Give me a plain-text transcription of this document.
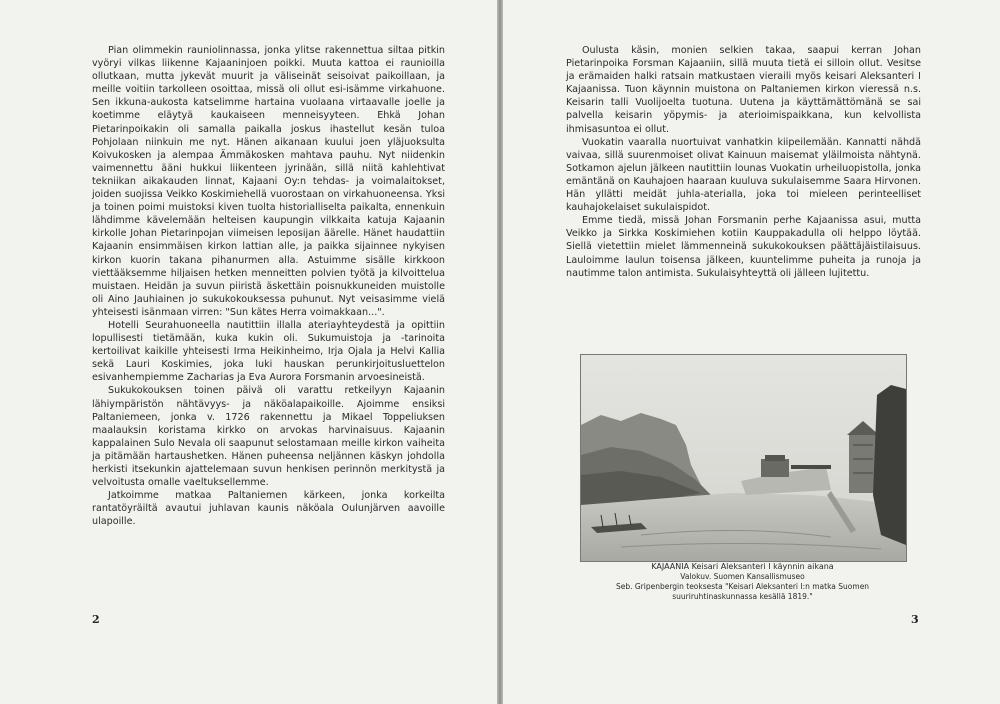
Pian olimmekin rauniolinnassa, jonka ylitse rakennettua siltaa pitkin vyöryi vilkas liikenne Kajaaninjoen poikki. Muuta kattoa ei raunioilla ollutkaan, mutta jykevät muurit ja väliseinät seisoivat paikoillaan, ja meille voitiin tarkolleen osoittaa, missä oli ollut esi-isämme virkahuone. Sen ikkuna-aukosta katselimme hartaina vuolaana virtaavalle joelle ja koetimme eläytyä kaukaiseen menneisyyteen. Ehkä Johan Pietarinpoikakin oli samalla paikalla joskus ihastellut kesän tuloa Pohjolaan niinkuin me nyt. Hänen aikanaan kuului joen yläjuoksulta Koivukosken ja alempaa Ämmäkosken mahtava pauhu. Nyt niidenkin vaimennettu ääni hukkui liikenteen jyrinään, sillä niitä kahlehtivat tekniikan aikakauden linnat, Kajaani Oy:n tehdas- ja voimalaitokset, joiden suojissa Veikko Koskimiehellä vuorostaan on virkahuoneensa. Yksi ja toinen poimi muistoksi kiven tuolta historialliselta paikalta, ennenkuin lähdimme kävelemään helteisen kaupungin vilkkaita katuja Kajaanin kirkolle Johan Pietarinpojan viimeisen leposijan äärelle. Hänet haudattiin Kajaanin ensimmäisen kirkon lattian alle, ja paikka sijainnee nykyisen kirkon kuorin takana pihanurmen alla. Astuimme sisälle kirkkoon viettääksemme hiljaisen hetken menneitten polvien työtä ja kilvoittelua muistaen. Heidän ja suvun piiristä äskettäin poisnukkuneiden muistolle oli Aino Jauhiainen jo sukukokouksessa puhunut. Nyt veisasimme vielä yhteisesti isänmaan virren: "Sun kätes Herra voimakkaan...".

Hotelli Seurahuoneella nautittiin illalla ateriayhteydestä ja opittiin lopullisesti tietämään, kuka kukin oli. Sukumuistoja ja -tarinoita kertoilivat kaikille yhteisesti Irma Heikinheimo, Irja Ojala ja Helvi Kallia sekä Lauri Koskimies, joka luki hauskan perunkirjoitusluettelon esivanhempiemme Zacharias ja Eva Aurora Forsmanin arvoesineistä.

Sukukokouksen toinen päivä oli varattu retkeilyyn Kajaanin lähiympäristön nähtävyys- ja näköalapaikoille. Ajoimme ensiksi Paltaniemeen, jonka v. 1726 rakennettu ja Mikael Toppeliuksen maalauksin koristama kirkko on arvokas harvinaisuus. Kajaanin kappalainen Sulo Nevala oli saapunut selostamaan meille kirkon vaiheita ja pitämään hartaushetken. Hänen puheensa neljännen käskyn johdolla herkisti itsekunkin ajattelemaan suvun henkisen perinnön merkitystä ja velvoitusta omalle vaeltuksellemme.

Jatkoimme matkaa Paltaniemen kärkeen, jonka korkeilta rantatöyräiltä avautui juhlavan kaunis näköala Oulunjärven aavoille ulapoille.

2

Oulusta käsin, monien selkien takaa, saapui kerran Johan Pietarinpoika Forsman Kajaaniin, sillä muuta tietä ei silloin ollut. Vesitse ja erämaiden halki ratsain matkustaen vieraili myös keisari Aleksanteri I Kajaanissa. Tuon käynnin muistona on Paltaniemen kirkon vieressä n.s. Keisarin talli Vuolijoelta tuotuna. Uutena ja käyttämättömänä se sai palvella keisarin yöpymis- ja aterioimispaikkana, kun kelvollista ihmisasuntoa ei ollut.

Vuokatin vaaralla nuortuivat vanhatkin kiipeilemään. Kannatti nähdä vaivaa, sillä suurenmoiset olivat Kainuun maisemat yläilmoista nähtynä. Sotkamon ajelun jälkeen nautittiin lounas Vuokatin urheiluopistolla, jonka emäntänä on Kauhajoen haaraan kuuluva sukulaisemme Saara Hirvonen. Hän yllätti meidät juhla-aterialla, joka toi mieleen perinteelliset kauhajokelaiset sukulaispidot.

Emme tiedä, missä Johan Forsmanin perhe Kajaanissa asui, mutta Veikko ja Sirkka Koskimiehen kotiin Kauppakadulla oli helppo löytää. Siellä vietettiin mielet lämmenneinä sukukokouksen päättäjäistilaisuus. Lauloimme laulun toisensa jälkeen, kuuntelimme puheita ja runoja ja nautimme talon antimista. Sukulaisyhteyttä oli jälleen lujitettu.

KAJAANIA Keisari Aleksanteri I käynnin aikana
Valokuv. Suomen Kansallismuseo
Seb. Gripenbergin teoksesta "Keisari Aleksanteri I:n matka Suomen suuriruhtinaskunnassa kesällä 1819."
3
